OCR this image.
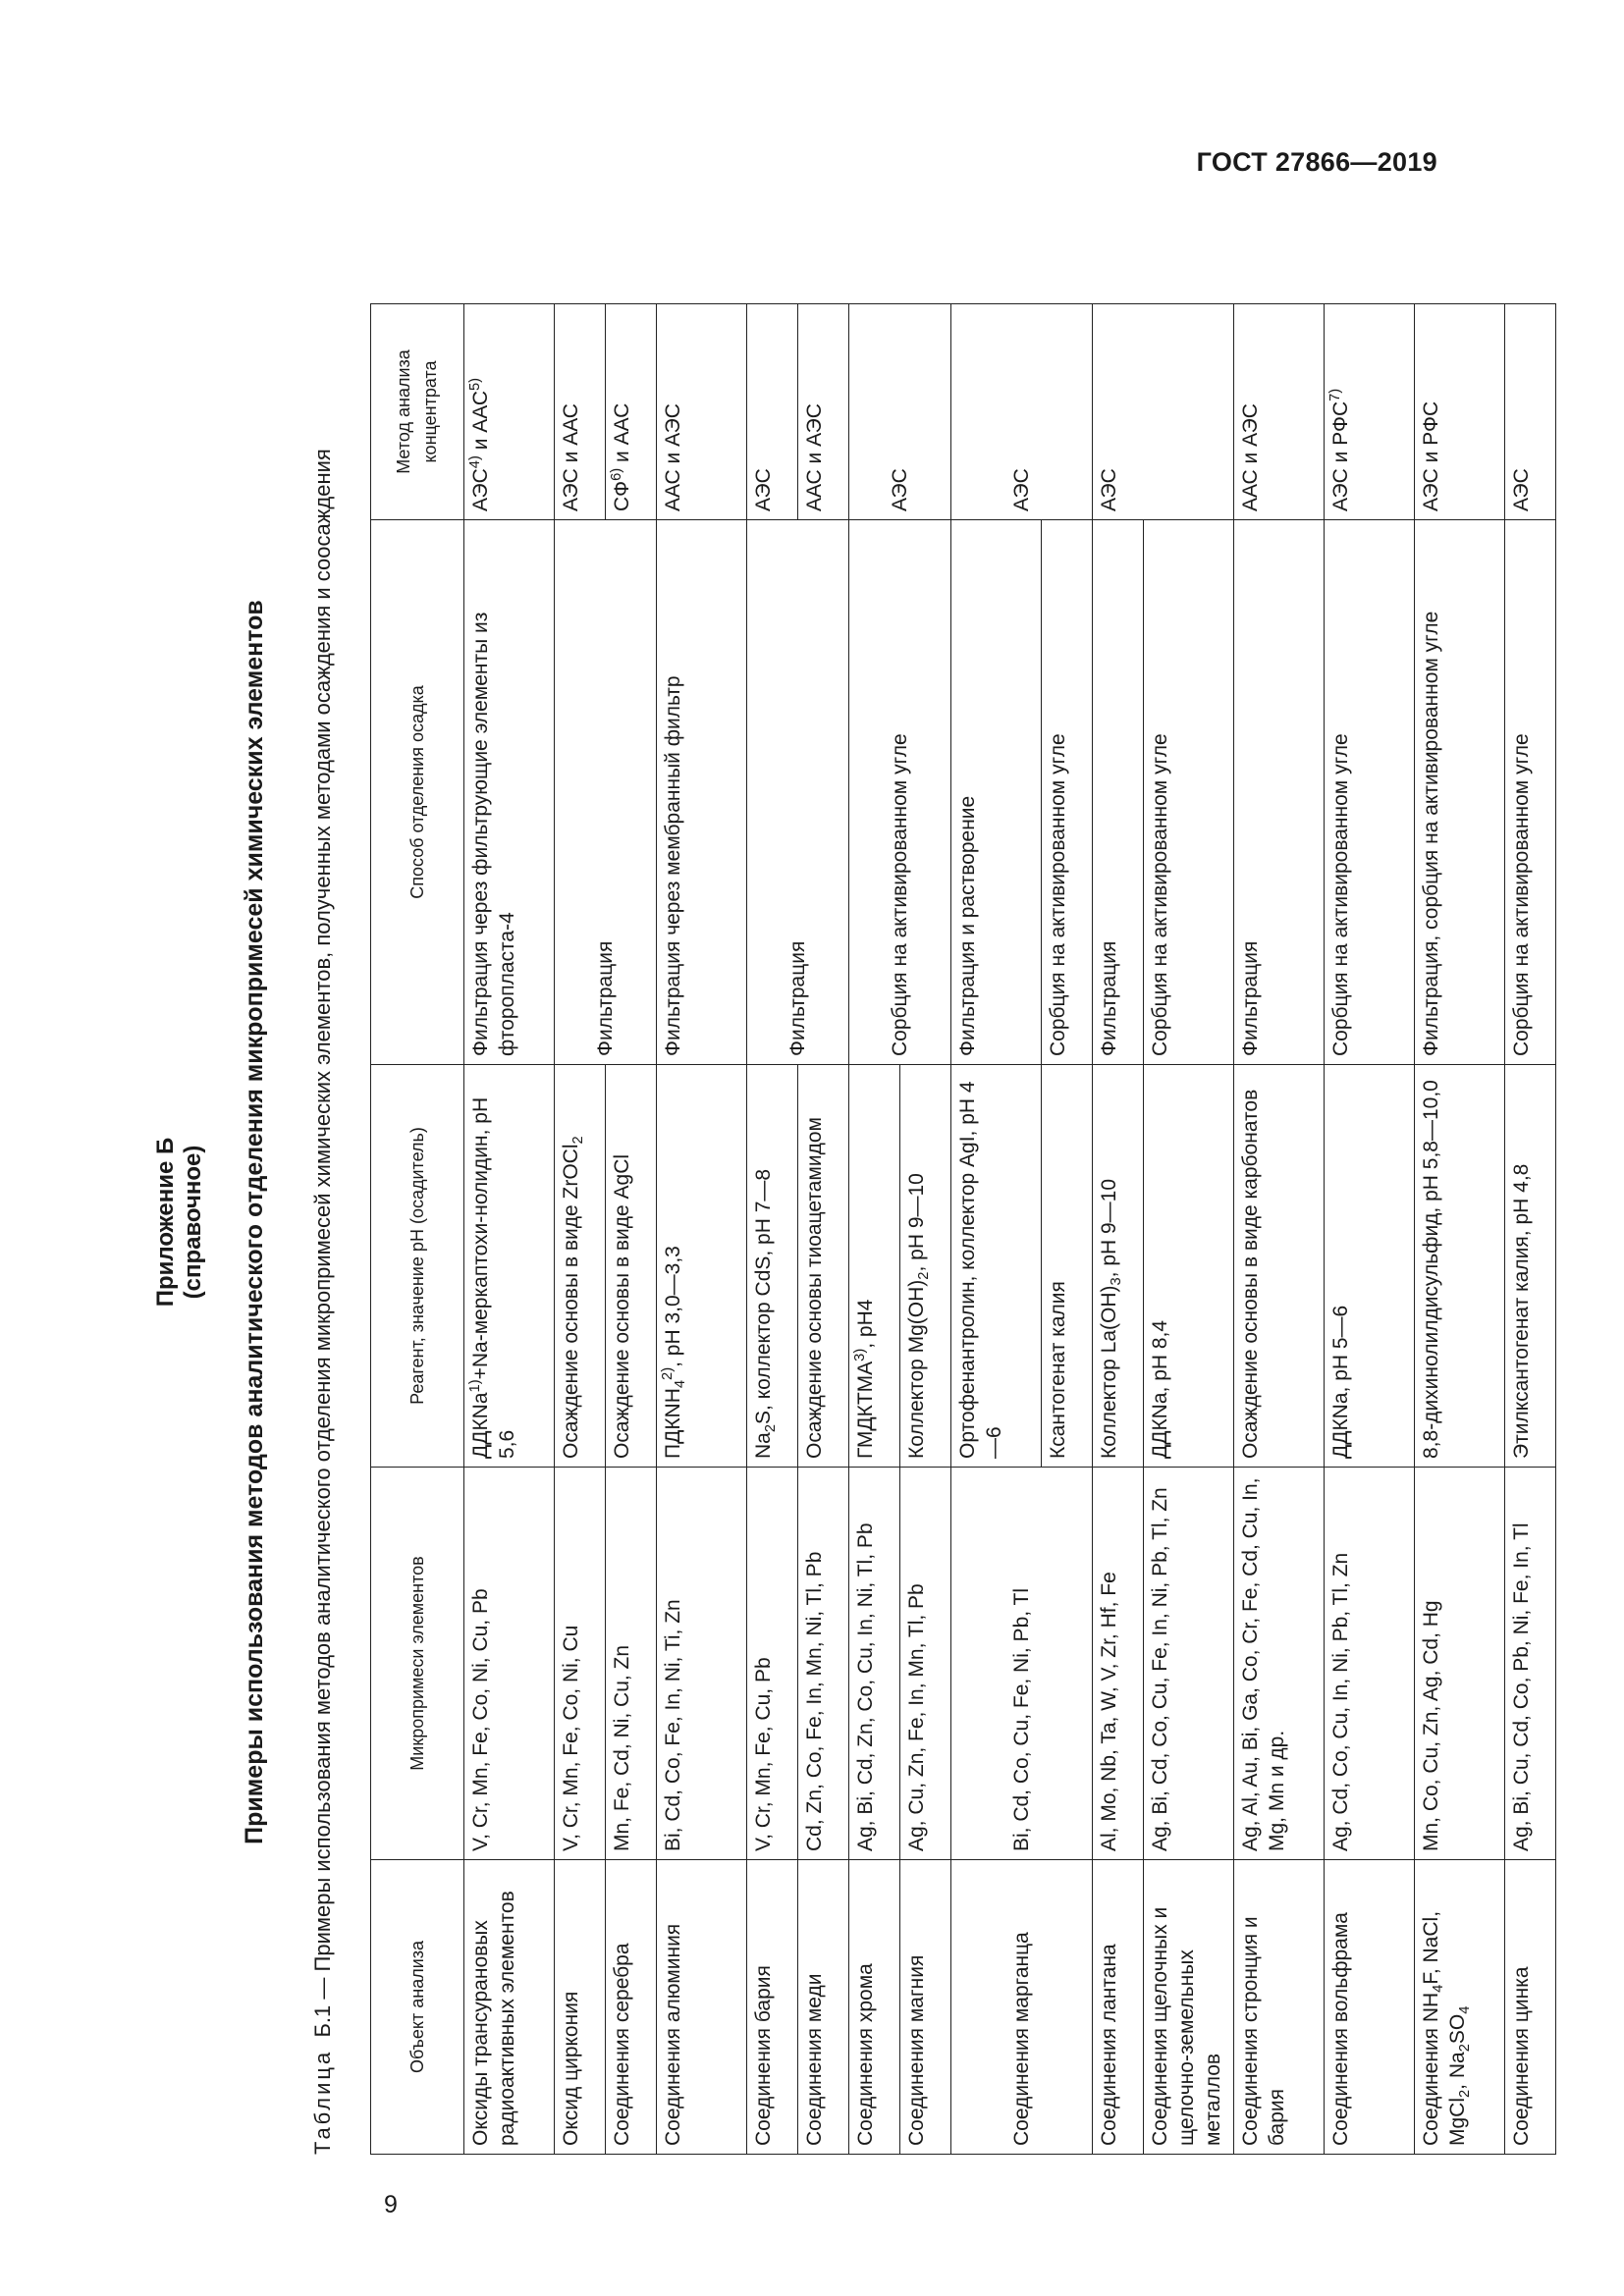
ГОСТ 27866—2019
9
Приложение Б (справочное) Примеры использования методов аналитического отделения микропримесей химических элементов
Таблица  Б.1 — Примеры использования методов аналитического отделения микропримесей химических элементов, полученных методами осаждения и соосаждения
Объект анализа	Микропримеси элементов	Реагент, значение pH (осадитель)	Способ отделения осадка	Метод анализа концентрата
Оксиды трансурановых радиоактивных элементов	V, Cr, Mn, Fe, Co, Ni, Cu, Pb	ДДКNa$^{1)}$+Na-меркаптохи-нолидин, pH 5,6	Фильтрация через фильтрующие элементы из фторопласта-4	АЭС$^{4)}$ и ААС$^{5)}$
Оксид циркония	V, Cr, Mn, Fe, Co, Ni, Cu	Осаждение основы в виде ZrOCl$_2$	Фильтрация	АЭС и ААС
Соединения серебра	Mn, Fe, Cd, Ni, Cu, Zn	Осаждение основы в виде AgCl		СФ$^{6)}$ и ААС
Соединения алюминия	Bi, Cd, Co, Fe, In, Ni, Ti, Zn	$ПДКNH_4^{2)}$, pH 3,0—3,3	Фильтрация через мембранный фильтр	ААС и АЭС
Соединения бария	V, Cr, Mn, Fe, Cu, Pb	$Na_2S$, коллектор CdS, pH 7—8	Фильтрация	АЭС
Соединения меди	Cd, Zn, Co, Fe, In, Mn, Ni, Tl, Pb	Осаждение основы тиоацетамидом		ААС и АЭС
Соединения хрома	Ag, Bi, Cd, Zn, Co, Cu, In, Ni, Tl, Pb	ГМДКТМА$^{3)}$, pH4	Сорбция на активированном угле	АЭС
Соединения магния	Ag, Cu, Zn, Fe, In, Mn, Tl, Pb	Коллектор $Mg(OH)_2$, pH 9—10		
Соединения марганца	Bi, Cd, Co, Cu, Fe, Ni, Pb, Tl	Ортофенантролин, коллектор AgI, pH 4—6	Фильтрация и растворение	АЭС
		Ксантогенат калия	Сорбция на активированном угле	
Соединения лантана	Al, Mo, Nb, Ta, W, V, Zr, Hf, Fe	Коллектор $La(OH)_3$, pH 9—10	Фильтрация	АЭС
Соединения щелочных и щелочно-земельных металлов	Ag, Bi, Cd, Co, Cu, Fe, In, Ni, Pb, Tl, Zn	ДДКNa, pH 8,4	Сорбция на активированном угле	
Соединения стронция и бария	Ag, Al, Au, Bi, Ga, Co, Cr, Fe, Cd, Cu, In, Mg, Mn и др.	Осаждение основы в виде карбонатов	Фильтрация	ААС и АЭС
Соединения вольфрама	Ag, Cd, Co, Cu, In, Ni, Pb, Tl, Zn	ДДКNa, pH 5—6	Сорбция на активированном угле	АЭС и РФС$^{7)}$
Соединения $NH_4F$, NaCl, MgCl$_2$, $Na_2SO_4$	Mn, Co, Cu, Zn, Ag, Cd, Hg	8,8-дихинолилдисульфид, pH 5,8—10,0	Фильтрация, сорбция на активированном угле	АЭС и РФС
Соединения цинка	Ag, Bi, Cu, Cd, Co, Pb, Ni, Fe, In, Tl	Этилксантогенат калия, pH 4,8	Сорбция на активированном угле	АЭС
